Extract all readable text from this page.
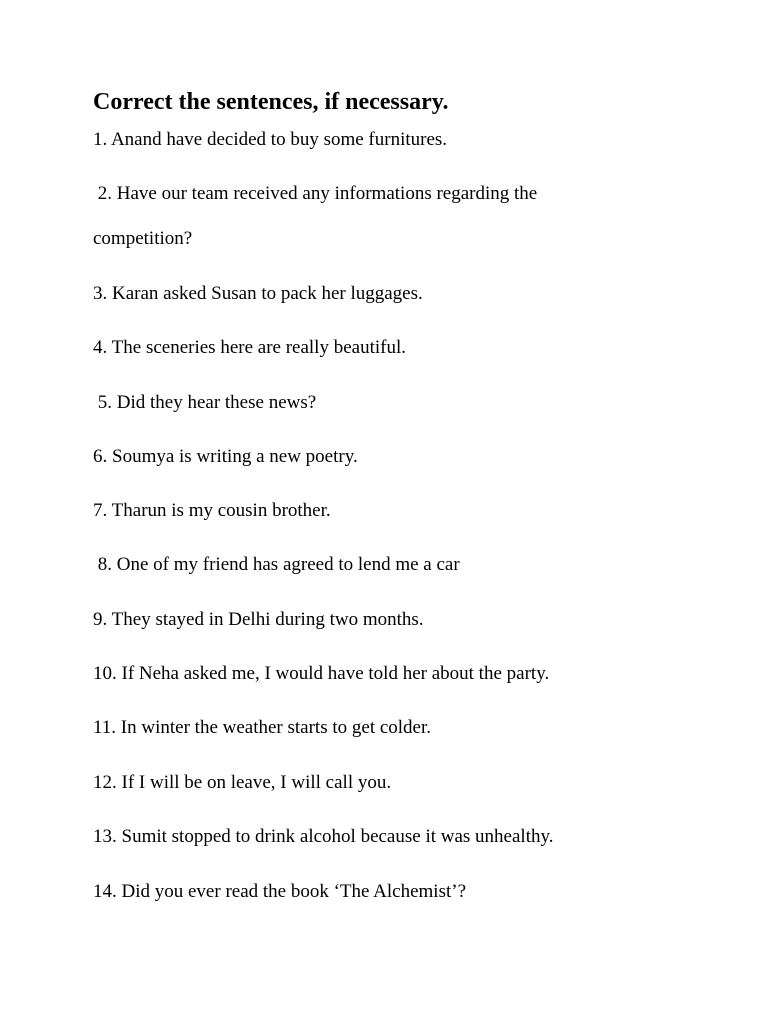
Correct the sentences, if necessary.
1. Anand have decided to buy some furnitures.
2. Have our team received any informations regarding the
competition?
3. Karan asked Susan to pack her luggages.
4. The sceneries here are really beautiful.
5. Did they hear these news?
6. Soumya is writing a new poetry.
7. Tharun is my cousin brother.
8. One of my friend has agreed to lend me a car
9. They stayed in Delhi during two months.
10. If Neha asked me, I would have told her about the party.
11. In winter the weather starts to get colder.
12. If I will be on leave, I will call you.
13. Sumit stopped to drink alcohol because it was unhealthy.
14. Did you ever read the book ‘The Alchemist’?
